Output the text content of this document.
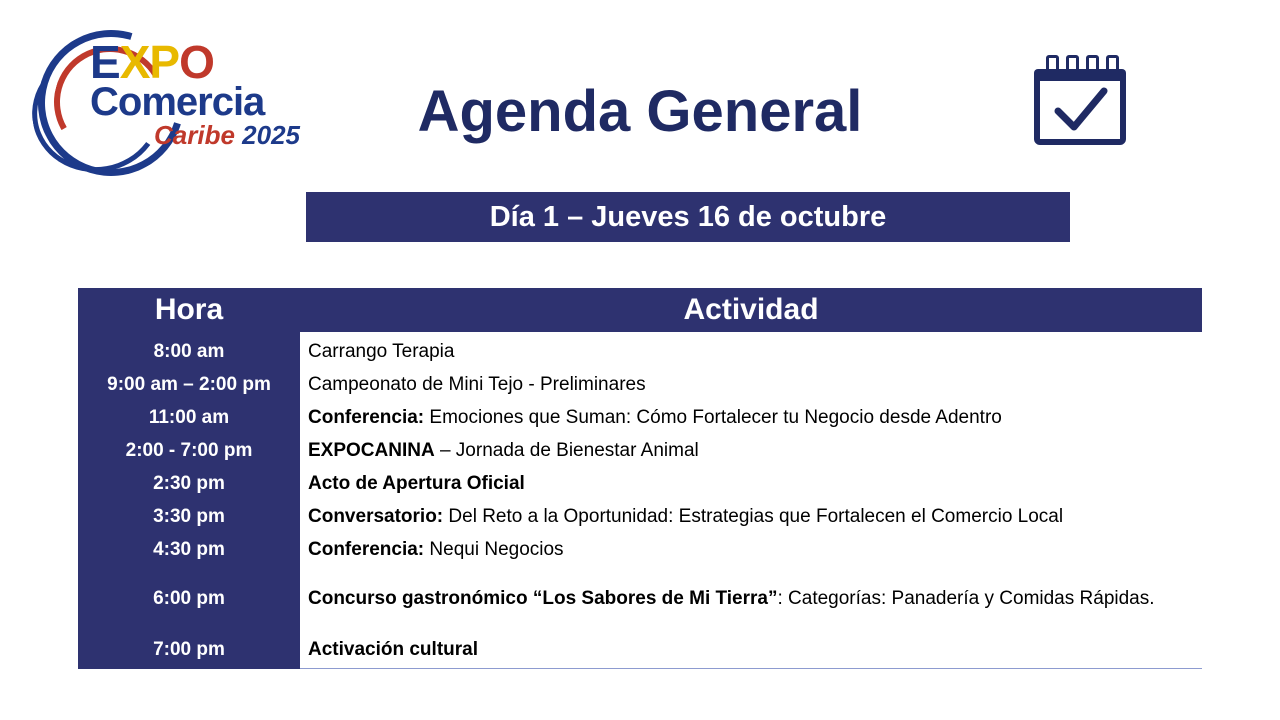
EXPO
Comercia
Caribe 2025	Agenda General
Día 1 – Jueves 16 de octubre
Hora	Actividad
8:00 am
9:00 am – 2:00 pm
11:00 am
2:00 - 7:00 pm
2:30 pm
3:30 pm
4:30 pm
6:00 pm
7:00 pm
Carrango Terapia
Campeonato de Mini Tejo - Preliminares
Conferencia: Emociones que Suman: Cómo Fortalecer tu Negocio desde Adentro
EXPOCANINA – Jornada de Bienestar Animal
Acto de Apertura Oficial
Conversatorio: Del Reto a la Oportunidad: Estrategias que Fortalecen el Comercio Local
Conferencia: Nequi Negocios
Concurso gastronómico “Los Sabores de Mi Tierra”: Categorías: Panadería y Comidas Rápidas.
Activación cultural
